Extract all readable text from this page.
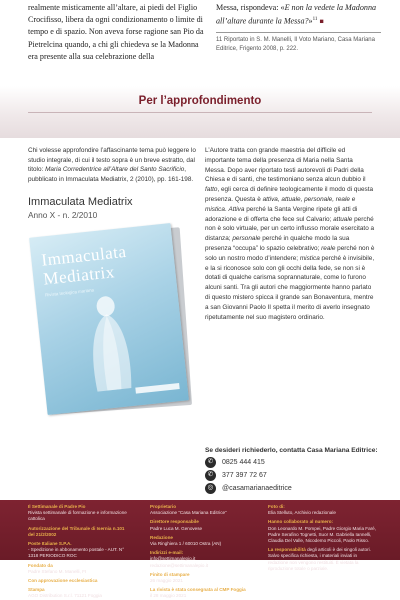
realmente misticamente all’altare, ai piedi del Figlio Crocifisso, libera da ogni condizionamento o limite di tempo e di spazio. Non aveva forse ragione san Pio da Pietrelcina quando, a chi gli chiedeva se la Madonna era presente alla sua celebrazione della
Messa, rispondeva: «E non la vedete la Madonna all’altare durante la Messa?»$^{11}$ ■
11 Riportato in S. M. Manelli, Il Voto Mariano, Casa Mariana Editrice, Frigento 2008, p. 222.
Per l’approfondimento
Chi volesse approfondire l’affascinante tema può leggere lo studio integrale, di cui il testo sopra è un breve estratto, dal titolo: Maria Corredentrice all’Altare del Santo Sacrificio, pubblicato in Immaculata Mediatrix, 2 (2010), pp. 161-198.
Immaculata Mediatrix
Anno X - n. 2/2010
Immaculata
Mediatrix
Rivista teologica mariana
L’Autore tratta con grande maestria del difficile ed importante tema della presenza di Maria nella Santa Messa. Dopo aver riportato testi autorevoli di Padri della Chiesa e di santi, che testimoniano senza alcun dubbio il fatto, egli cerca di definire teologicamente il modo di questa presenza. Questa è attiva, attuale, personale, reale e mistica. Attiva perché la Santa Vergine ripete gli atti di adorazione e di offerta che fece sul Calvario; attuale perché non è solo virtuale, per un certo influsso morale esercitato a distanza; personale perché in qualche modo la sua presenza “occupa” lo spazio celebrativo; reale perché non è solo un nostro modo d’intendere; mistica perché è invisibile, e la si riconosce solo con gli occhi della fede, se non si è dotati di qualche carisma soprannaturale, come lo furono alcuni santi. Tra gli autori che maggiormente hanno parlato di questo mistero spicca il grande san Bonaventura, mentre a san Giovanni Paolo II spetta il merito di averlo insegnato ripetutamente nel suo magistero ordinario.
Se desideri richiederlo, contatta Casa Mariana Editrice:
✆	0825 444 415
✆	377 397 72 67
◎	@casamarianaeditrice
Il Settimanale di Padre Pio
Rivista settimanale di formazione e informazione cattolica
Autorizzazione del Tribunale di Isernia n.101 del 21/2/2002
Poste Italiane S.P.A.
- Spedizione in abbonamento postale - AUT. N° 1318 PERIODICO ROC
Fondato da
Padre Stefano M. Manelli, FI
Con approvazione ecclesiastica
Stampa
AGO Distribution S.r.l. 71121 Foggia
Proprietario
Associazione “Casa Mariana Editrice”
Direttore responsabile
Padre Luca M. Genovese
Redazione
Via Ringhiera 1 / 60010 Ostra (AN)
Indirizzi e-mail:
info@settimanalepio.it redazione@settimanalepio.it
Finito di stampare
26 maggio 2021
La rivista è stata consegnata al CMP Foggia
il 28 maggio 2021
Foto di:
Elia Stelluto, Archivio redazionale
Hanno collaborato al numero:
Don Leonardo M. Pompei, Padre Giorgio Maria Faré, Padre Serafino Tognetti, Suor M. Gabriella Iannelli, Claudia Del Valle, Nicodemo Piccoli, Paolo Risso.
La responsabilità degli articoli è dei singoli autori. Salvo specifica richiesta, i materiali inviati in redazione non vengono restituiti. È vietata la riproduzione totale o parziale.
